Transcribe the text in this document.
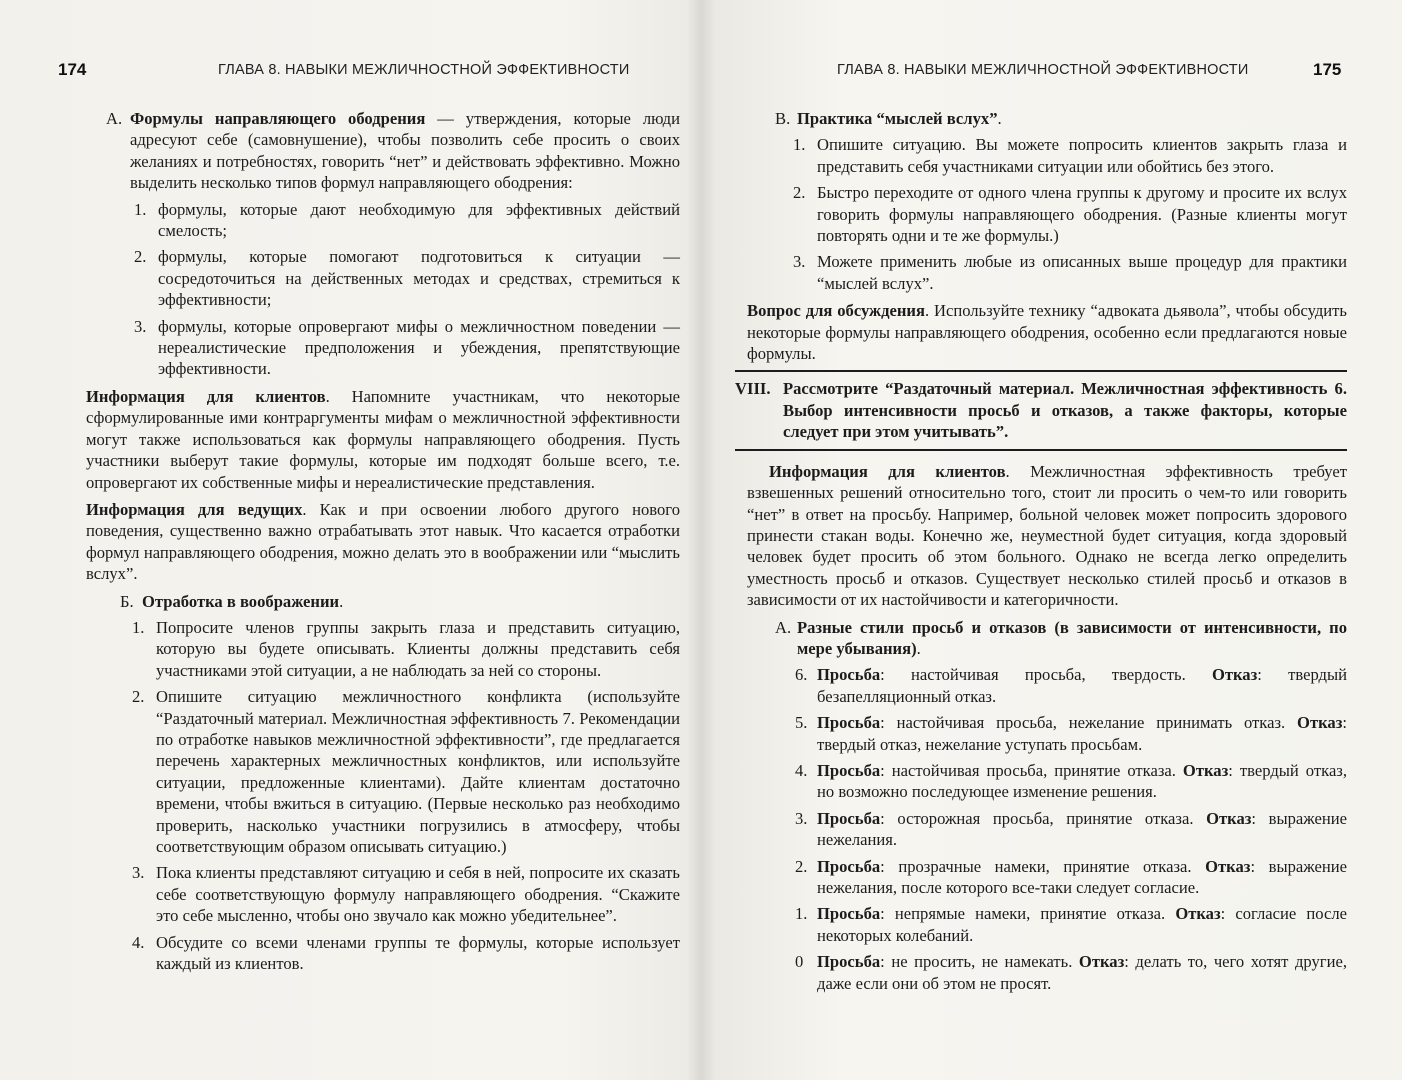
174	ГЛАВА 8. НАВЫКИ МЕЖЛИЧНОСТНОЙ ЭФФЕКТИВНОСТИ
А. Формулы направляющего ободрения — утверждения, которые люди адресуют себе (самовнушение), чтобы позволить себе просить о своих желаниях и потребностях, говорить “нет” и действовать эффективно. Можно выделить несколько типов формул направляющего ободрения:
1. формулы, которые дают необходимую для эффективных действий смелость;
2. формулы, которые помогают подготовиться к ситуации — сосредоточиться на действенных методах и средствах, стремиться к эффективности;
3. формулы, которые опровергают мифы о межличностном поведении — нереалистические предположения и убеждения, препятствующие эффективности.

Информация для клиентов. Напомните участникам, что некоторые сформулированные ими контраргументы мифам о межличностной эффективности могут также использоваться как формулы направляющего ободрения. Пусть участники выберут такие формулы, которые им подходят больше всего, т.е. опровергают их собственные мифы и нереалистические представления.

Информация для ведущих. Как и при освоении любого другого нового поведения, существенно важно отрабатывать этот навык. Что касается отработки формул направляющего ободрения, можно делать это в воображении или “мыслить вслух”.

Б. Отработка в воображении.
1. Попросите членов группы закрыть глаза и представить ситуацию, которую вы будете описывать. Клиенты должны представить себя участниками этой ситуации, а не наблюдать за ней со стороны.
2. Опишите ситуацию межличностного конфликта (используйте “Раздаточный материал. Межличностная эффективность 7. Рекомендации по отработке навыков межличностной эффективности”, где предлагается перечень характерных межличностных конфликтов, или используйте ситуации, предложенные клиентами). Дайте клиентам достаточно времени, чтобы вжиться в ситуацию. (Первые несколько раз необходимо проверить, насколько участники погрузились в атмосферу, чтобы соответствующим образом описывать ситуацию.)
3. Пока клиенты представляют ситуацию и себя в ней, попросите их сказать себе соответствующую формулу направляющего ободрения. “Скажите это себе мысленно, чтобы оно звучало как можно убедительнее”.
4. Обсудите со всеми членами группы те формулы, которые использует каждый из клиентов.
ГЛАВА 8. НАВЫКИ МЕЖЛИЧНОСТНОЙ ЭФФЕКТИВНОСТИ	175
В. Практика “мыслей вслух”.
1. Опишите ситуацию. Вы можете попросить клиентов закрыть глаза и представить себя участниками ситуации или обойтись без этого.
2. Быстро переходите от одного члена группы к другому и просите их вслух говорить формулы направляющего ободрения. (Разные клиенты могут повторять одни и те же формулы.)
3. Можете применить любые из описанных выше процедур для практики “мыслей вслух”.

Вопрос для обсуждения. Используйте технику “адвоката дьявола”, чтобы обсудить некоторые формулы направляющего ободрения, особенно если предлагаются новые формулы.

VIII. Рассмотрите “Раздаточный материал. Межличностная эффективность 6. Выбор интенсивности просьб и отказов, а также факторы, которые следует при этом учитывать”.

Информация для клиентов. Межличностная эффективность требует взвешенных решений относительно того, стоит ли просить о чем-то или говорить “нет” в ответ на просьбу. Например, больной человек может попросить здорового принести стакан воды. Конечно же, неуместной будет ситуация, когда здоровый человек будет просить об этом больного. Однако не всегда легко определить уместность просьб и отказов. Существует несколько стилей просьб и отказов в зависимости от их настойчивости и категоричности.

А. Разные стили просьб и отказов (в зависимости от интенсивности, по мере убывания).
6. Просьба: настойчивая просьба, твердость. Отказ: твердый безапелляционный отказ.
5. Просьба: настойчивая просьба, нежелание принимать отказ. Отказ: твердый отказ, нежелание уступать просьбам.
4. Просьба: настойчивая просьба, принятие отказа. Отказ: твердый отказ, но возможно последующее изменение решения.
3. Просьба: осторожная просьба, принятие отказа. Отказ: выражение нежелания.
2. Просьба: прозрачные намеки, принятие отказа. Отказ: выражение нежелания, после которого все-таки следует согласие.
1. Просьба: непрямые намеки, принятие отказа. Отказ: согласие после некоторых колебаний.
0 Просьба: не просить, не намекать. Отказ: делать то, чего хотят другие, даже если они об этом не просят.
